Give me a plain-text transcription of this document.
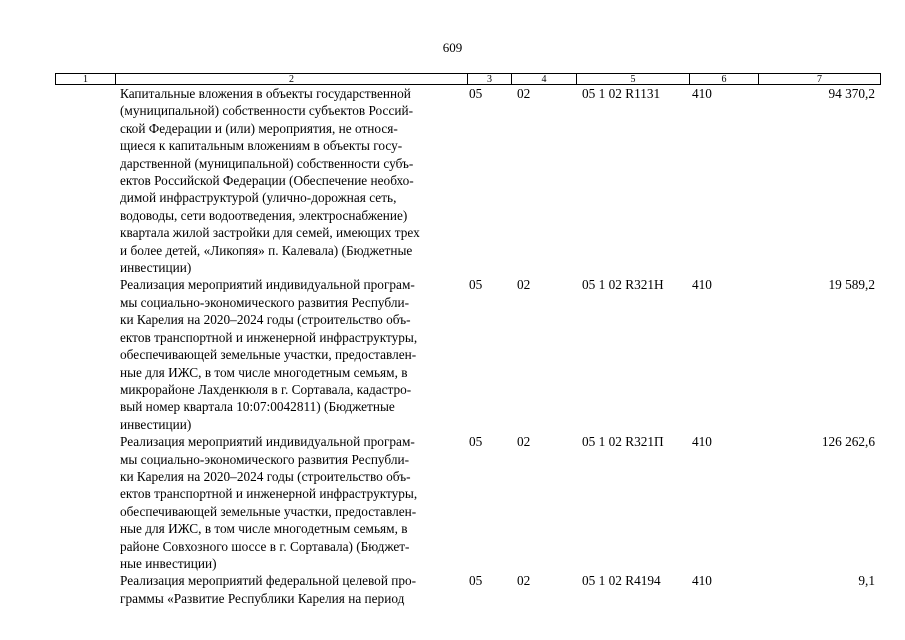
609
1	2	3	4	5	6	7
Капитальные вложения в объекты государственной
(муниципальной) собственности субъектов Россий-
ской Федерации и (или) мероприятия, не относя-
щиеся к капитальным вложениям в объекты госу-
дарственной (муниципальной) собственности субъ-
ектов Российской Федерации (Обеспечение необхо-
димой инфраструктурой (улично-дорожная сеть,
водоводы, сети водоотведения, электроснабжение)
квартала жилой застройки для семей, имеющих трех
и более детей, «Ликопяя» п. Калевала) (Бюджетные
инвестиции)
05	02	05 1 02 R1131	410	94 370,2
Реализация мероприятий индивидуальной програм-
мы социально-экономического развития Республи-
ки Карелия на 2020–2024 годы (строительство объ-
ектов транспортной и инженерной инфраструктуры,
обеспечивающей земельные участки, предоставлен-
ные для ИЖС, в том числе многодетным семьям, в
микрорайоне Лахденкюля в г. Сортавала, кадастро-
вый номер квартала 10:07:0042811) (Бюджетные
инвестиции)
05	02	05 1 02 R321Н	410	19 589,2
Реализация мероприятий индивидуальной програм-
мы социально-экономического развития Республи-
ки Карелия на 2020–2024 годы (строительство объ-
ектов транспортной и инженерной инфраструктуры,
обеспечивающей земельные участки, предоставлен-
ные для ИЖС, в том числе многодетным семьям, в
районе Совхозного шоссе в г. Сортавала) (Бюджет-
ные инвестиции)
05	02	05 1 02 R321П	410	126 262,6
Реализация мероприятий федеральной целевой про-
граммы «Развитие Республики Карелия на период
05	02	05 1 02 R4194	410	9,1
